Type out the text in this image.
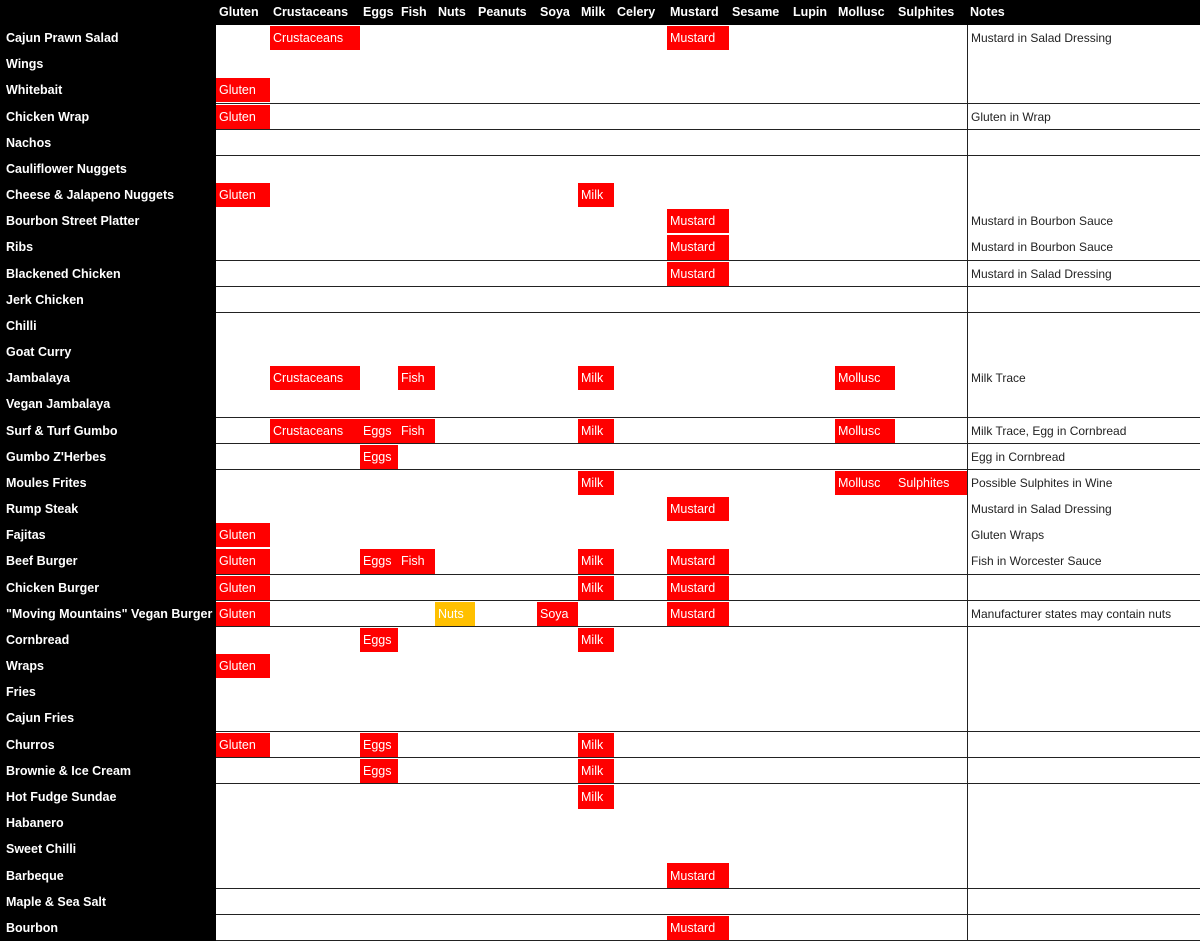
Gluten Crustaceans Eggs Fish Nuts Peanuts Soya Milk Celery Mustard Sesame Lupin Mollusc Sulphites Notes
Cajun Prawn Salad	Crustaceans	Mustard	Mustard in Salad Dressing
Wings
Whitebait	Gluten
Chicken Wrap	Gluten	Gluten in Wrap
Nachos
Cauliflower Nuggets
Cheese & Jalapeno Nuggets	Gluten	Milk
Bourbon Street Platter	Mustard	Mustard in Bourbon Sauce
Ribs	Mustard	Mustard in Bourbon Sauce
Blackened Chicken	Mustard	Mustard in Salad Dressing
Jerk Chicken
Chilli
Goat Curry
Jambalaya	Crustaceans	Fish	Milk	Mollusc	Milk Trace
Vegan Jambalaya
Surf & Turf Gumbo	Crustaceans	Eggs Fish	Milk	Mollusc	Milk Trace, Egg in Cornbread
Gumbo Z'Herbes	Eggs	Egg in Cornbread
Moules Frites	Milk	Mollusc	Sulphites	Possible Sulphites in Wine
Rump Steak	Mustard	Mustard in Salad Dressing
Fajitas	Gluten	Gluten Wraps
Beef Burger	Gluten	Eggs Fish	Milk	Mustard	Fish in Worcester Sauce
Chicken Burger	Gluten	Milk	Mustard
"Moving Mountains" Vegan Burger Gluten	Nuts	Soya	Mustard	Manufacturer states may contain nuts
Cornbread	Eggs	Milk
Wraps	Gluten
Fries
Cajun Fries
Churros	Gluten	Eggs	Milk
Brownie & Ice Cream	Eggs	Milk
Hot Fudge Sundae	Milk
Habanero
Sweet Chilli
Barbeque	Mustard
Maple & Sea Salt
Bourbon	Mustard
